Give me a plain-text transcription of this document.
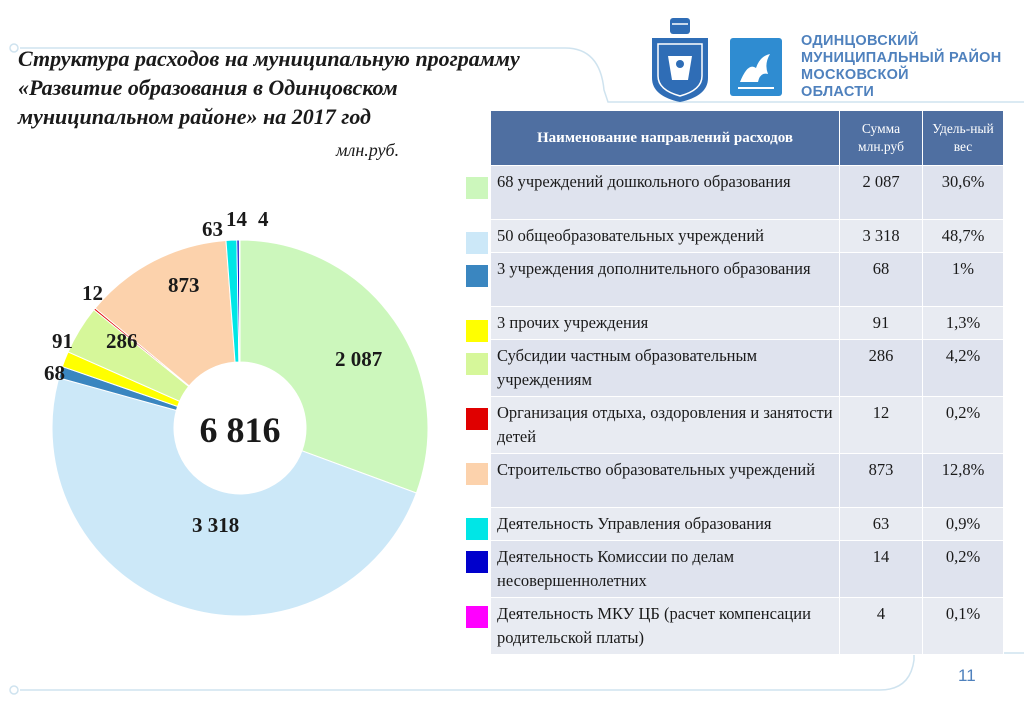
Структура расходов на муниципальную программу
«Развитие образования в Одинцовском
муниципальном районе» на 2017 год
млн.руб.
ОДИНЦОВСКИЙ
МУНИЦИПАЛЬНЫЙ РАЙОН
МОСКОВСКОЙ
ОБЛАСТИ
2 087
3 318
68
91 286
12	873
63 14 4
6 816
Наименование направлений расходов	Сумма млн.руб	Удель-ный вес
68 учреждений дошкольного образования	2 087	30,6%
50 общеобразовательных учреждений	3 318	48,7%
3 учреждения дополнительного образования	68	1%
3 прочих учреждения	91	1,3%
Субсидии частным образовательным учреждениям	286	4,2%
Организация отдыха, оздоровления и занятости детей	12	0,2%
Строительство образовательных учреждений	873	12,8%
Деятельность Управления образования	63	0,9%
Деятельность Комиссии по делам несовершеннолетних	14	0,2%
Деятельность МКУ ЦБ (расчет компенсации родительской платы)	4	0,1%
11
